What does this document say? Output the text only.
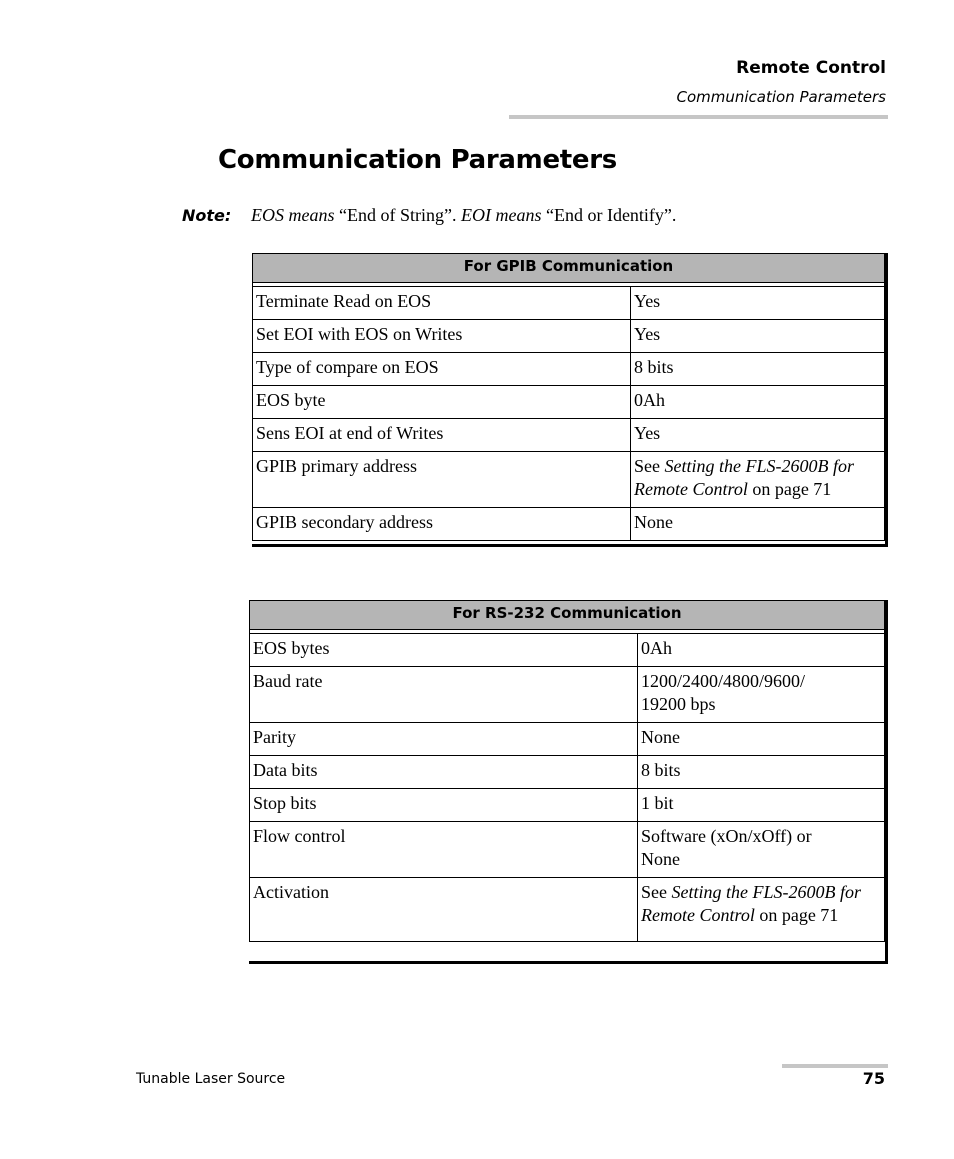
Remote Control
Communication Parameters
Communication Parameters
Note: EOS means “End of String”. EOI means “End or Identify”.
For GPIB Communication	

Terminate Read on EOS	Yes
Set EOI with EOS on Writes	Yes
Type of compare on EOS	8 bits
EOS byte	0Ah
Sens EOI at end of Writes	Yes
GPIB primary address	See Setting the FLS-2600B for Remote Control on page 71
GPIB secondary address	None
For RS-232 Communication	

EOS bytes	0Ah
Baud rate	1200/2400/4800/9600/
19200 bps
Parity	None
Data bits	8 bits
Stop bits	1 bit
Flow control	Software (xOn/xOff) or
None
Activation	See Setting the FLS-2600B for Remote Control on page 71
Tunable Laser Source	75
